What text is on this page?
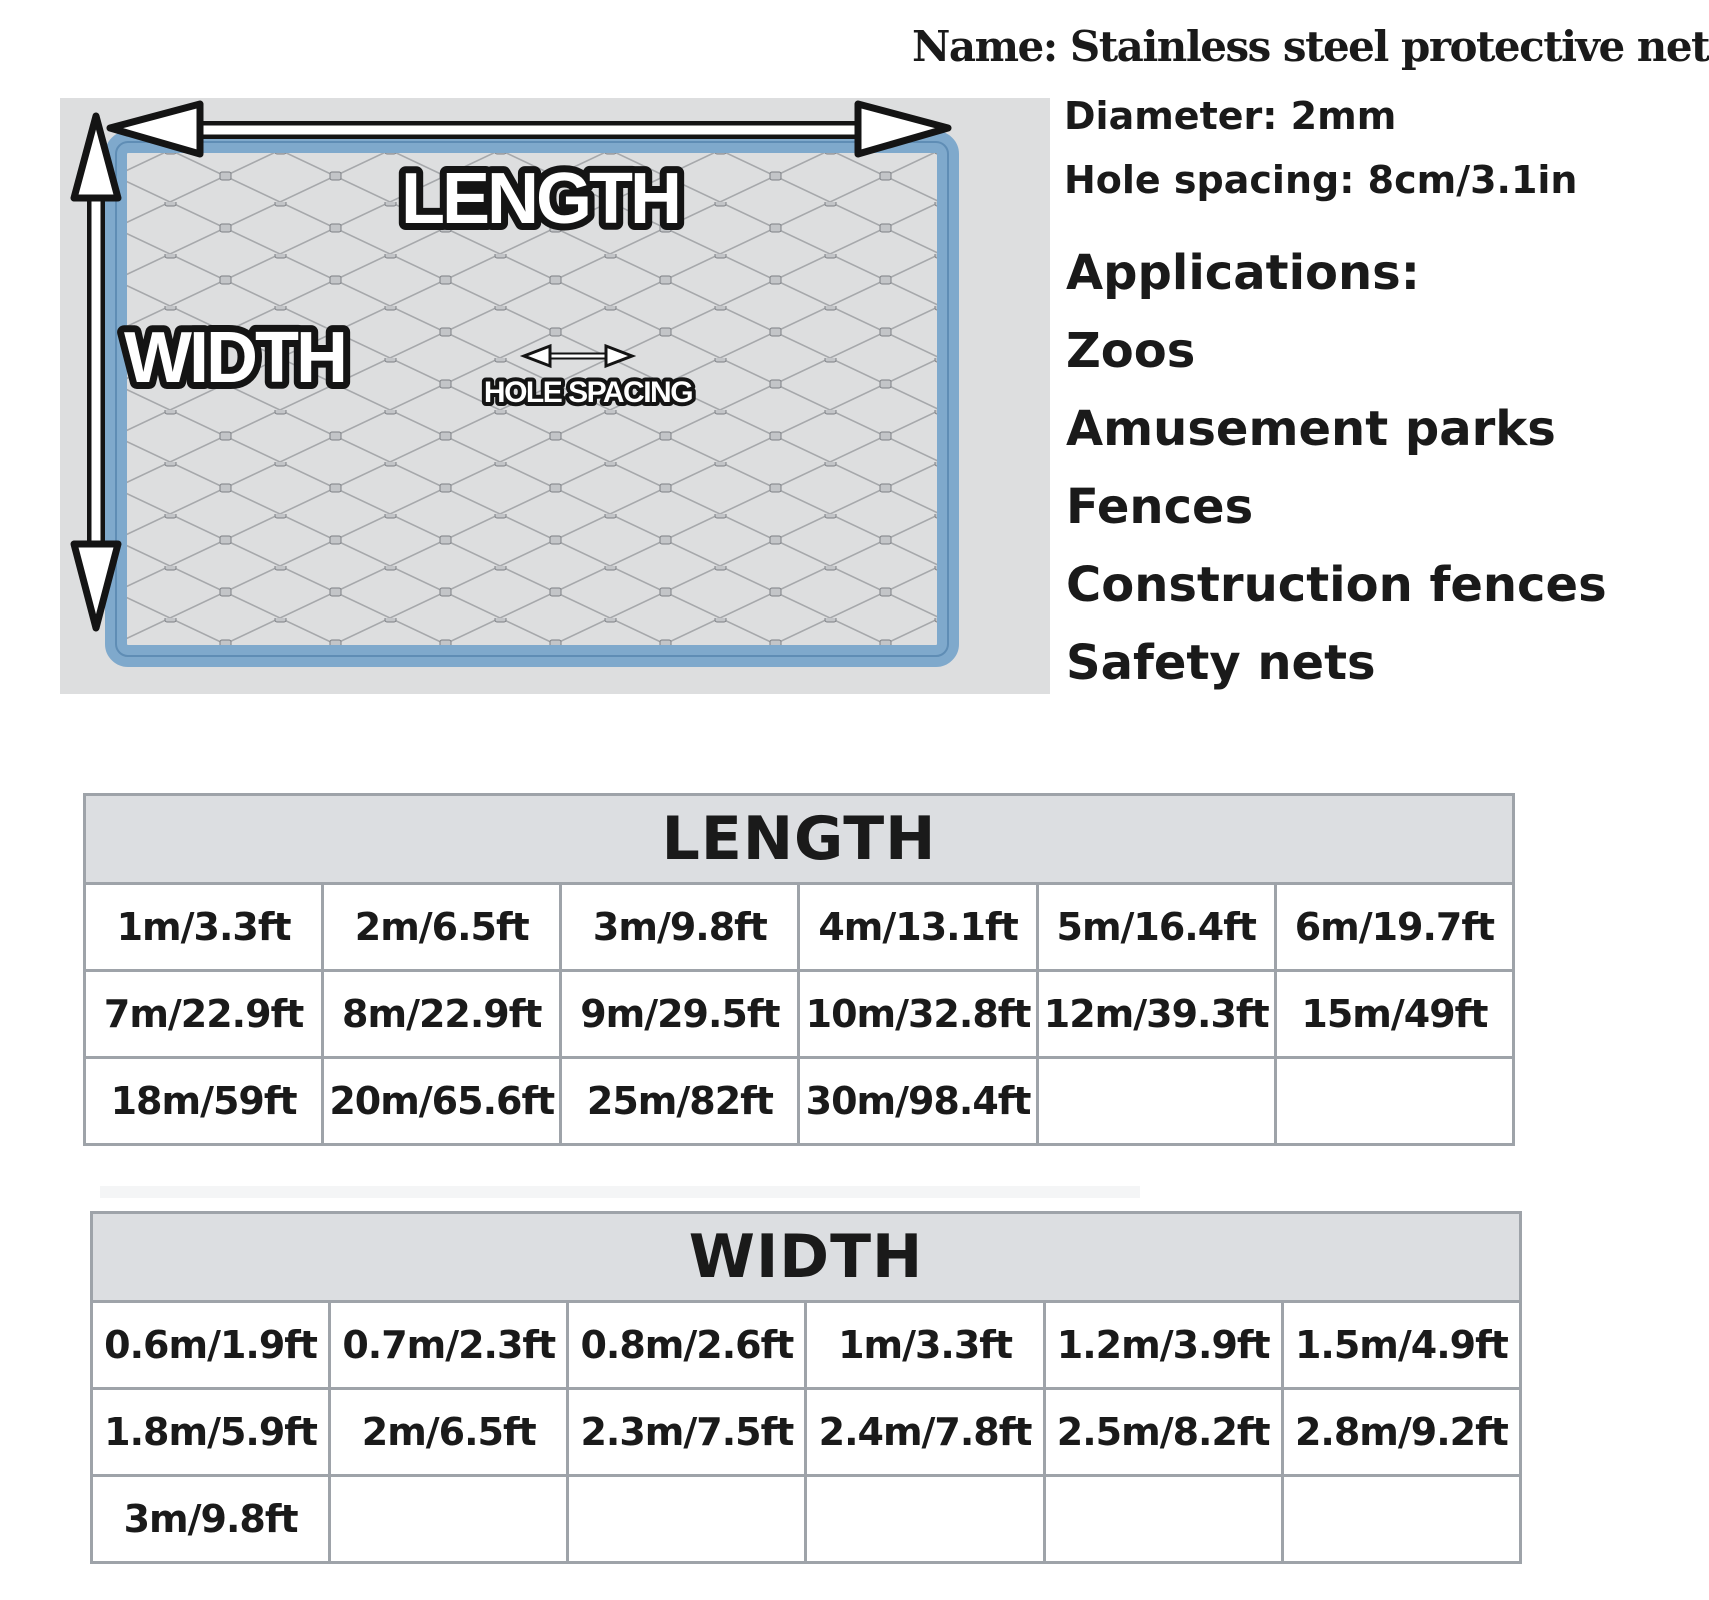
LENGTH
WIDTH	HOLE SPACING
Name: Stainless steel protective net
Diameter: 2mm
Hole spacing: 8cm/3.1in
Applications:
Zoos
Amusement parks
Fences
Construction fences
Safety nets
LENGTH					
1m/3.3ft	2m/6.5ft	3m/9.8ft	4m/13.1ft	5m/16.4ft	6m/19.7ft
7m/22.9ft	8m/22.9ft	9m/29.5ft	10m/32.8ft	12m/39.3ft	15m/49ft
18m/59ft	20m/65.6ft	25m/82ft	30m/98.4ft		
WIDTH					
0.6m/1.9ft	0.7m/2.3ft	0.8m/2.6ft	1m/3.3ft	1.2m/3.9ft	1.5m/4.9ft
1.8m/5.9ft	2m/6.5ft	2.3m/7.5ft	2.4m/7.8ft	2.5m/8.2ft	2.8m/9.2ft
3m/9.8ft					
